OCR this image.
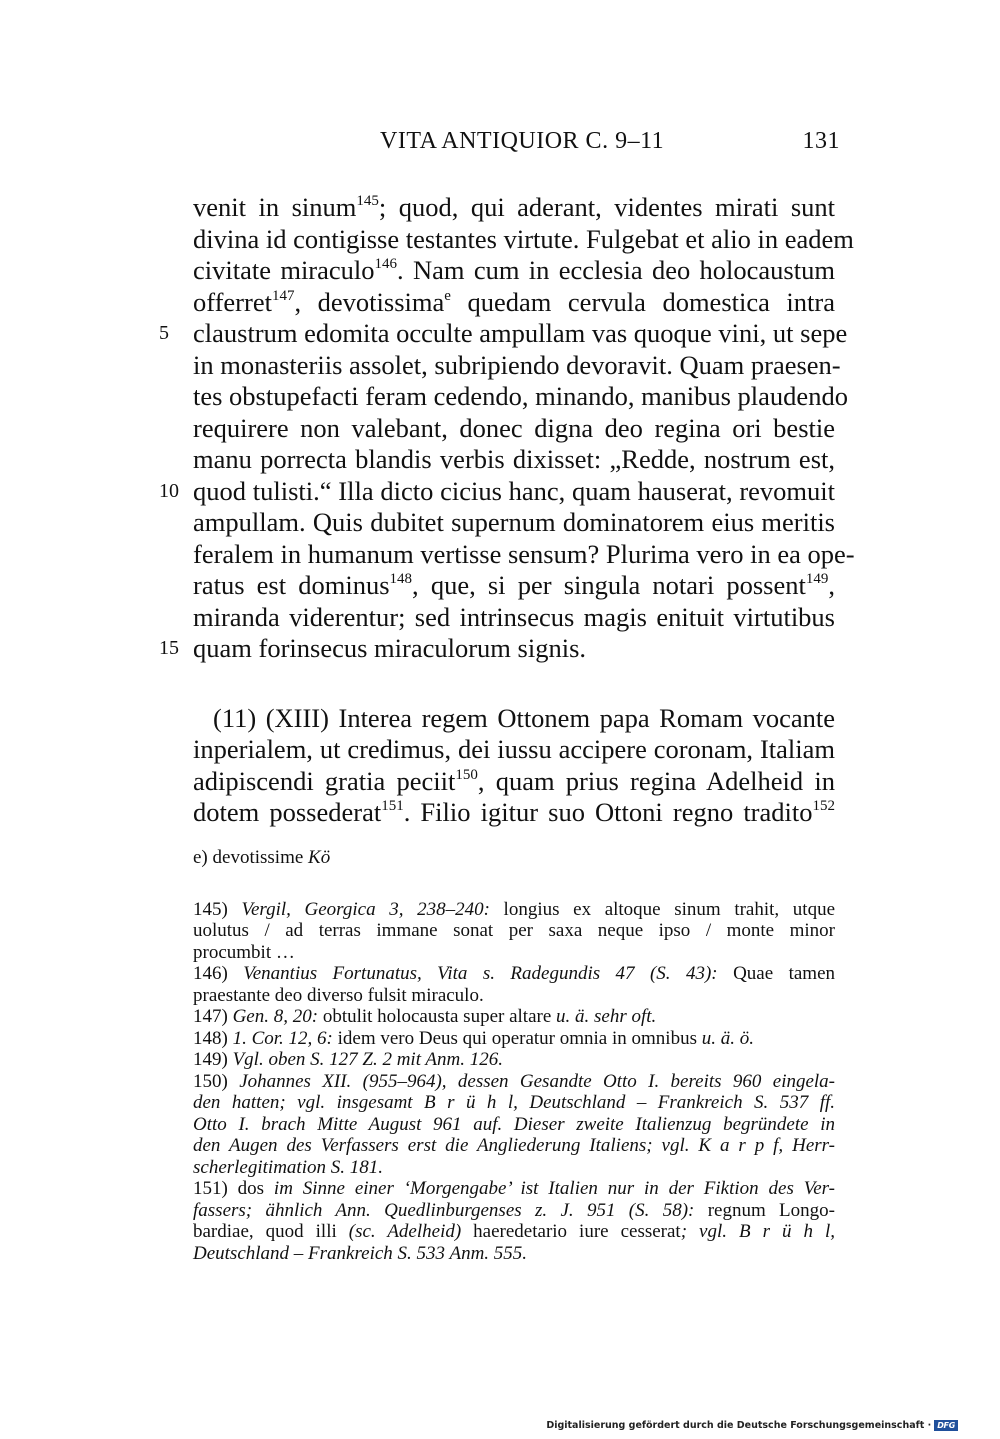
VITA ANTIQUIOR C. 9–11	131
venit in sinum$^{145}$; quod, qui aderant, videntes mirati sunt
divina id contigisse testantes virtute. Fulgebat et alio in eadem
civitate miraculo$^{146}$. Nam cum in ecclesia deo holocaustum
offerret$^{147}$, devotissima$^e$ quedam cervula domestica intra
5 claustrum edomita occulte ampullam vas quoque vini, ut sepe
in monasteriis assolet, subripiendo devoravit. Quam praesen-
tes obstupefacti feram cedendo, minando, manibus plaudendo
requirere non valebant, donec digna deo regina ori bestie
manu porrecta blandis verbis dixisset: „Redde, nostrum est,
10 quod tulisti.“ Illa dicto cicius hanc, quam hauserat, revomuit
ampullam. Quis dubitet supernum dominatorem eius meritis
feralem in humanum vertisse sensum? Plurima vero in ea ope-
ratus est dominus$^{148}$, que, si per singula notari possent$^{149}$,
miranda viderentur; sed intrinsecus magis enituit virtutibus
15 quam forinsecus miraculorum signis.
(11) (XIII) Interea regem Ottonem papa Romam vocante
inperialem, ut credimus, dei iussu accipere coronam, Italiam
adipiscendi gratia peciit$^{150}$, quam prius regina Adelheid in
dotem possederat$^{151}$. Filio igitur suo Ottoni regno tradito$^{152}$
e) devotissime Kö
145) Vergil, Georgica 3, 238–240: longius ex altoque sinum trahit, utque
uolutus / ad terras immane sonat per saxa neque ipso / monte minor
procumbit …
146) Venantius Fortunatus, Vita s. Radegundis 47 (S. 43): Quae tamen
praestante deo diverso fulsit miraculo.
147) Gen. 8, 20: obtulit holocausta super altare u. ä. sehr oft.
148) 1. Cor. 12, 6: idem vero Deus qui operatur omnia in omnibus u. ä. ö.
149) Vgl. oben S. 127 Z. 2 mit Anm. 126.
150) Johannes XII. (955–964), dessen Gesandte Otto I. bereits 960 eingela-
den hatten; vgl. insgesamt B r ü h l, Deutschland – Frankreich S. 537 ff.
Otto I. brach Mitte August 961 auf. Dieser zweite Italienzug begründete in
den Augen des Verfassers erst die Angliederung Italiens; vgl. K a r p f, Herr-
scherlegitimation S. 181.
151) dos im Sinne einer ‘Morgengabe’ ist Italien nur in der Fiktion des Ver-
fassers; ähnlich Ann. Quedlinburgenses z. J. 951 (S. 58): regnum Longo-
bardiae, quod illi (sc. Adelheid) haeredetario iure cesserat; vgl. B r ü h l,
Deutschland – Frankreich S. 533 Anm. 555.
Digitalisierung gefördert durch die Deutsche Forschungsgemeinschaft · DFG
